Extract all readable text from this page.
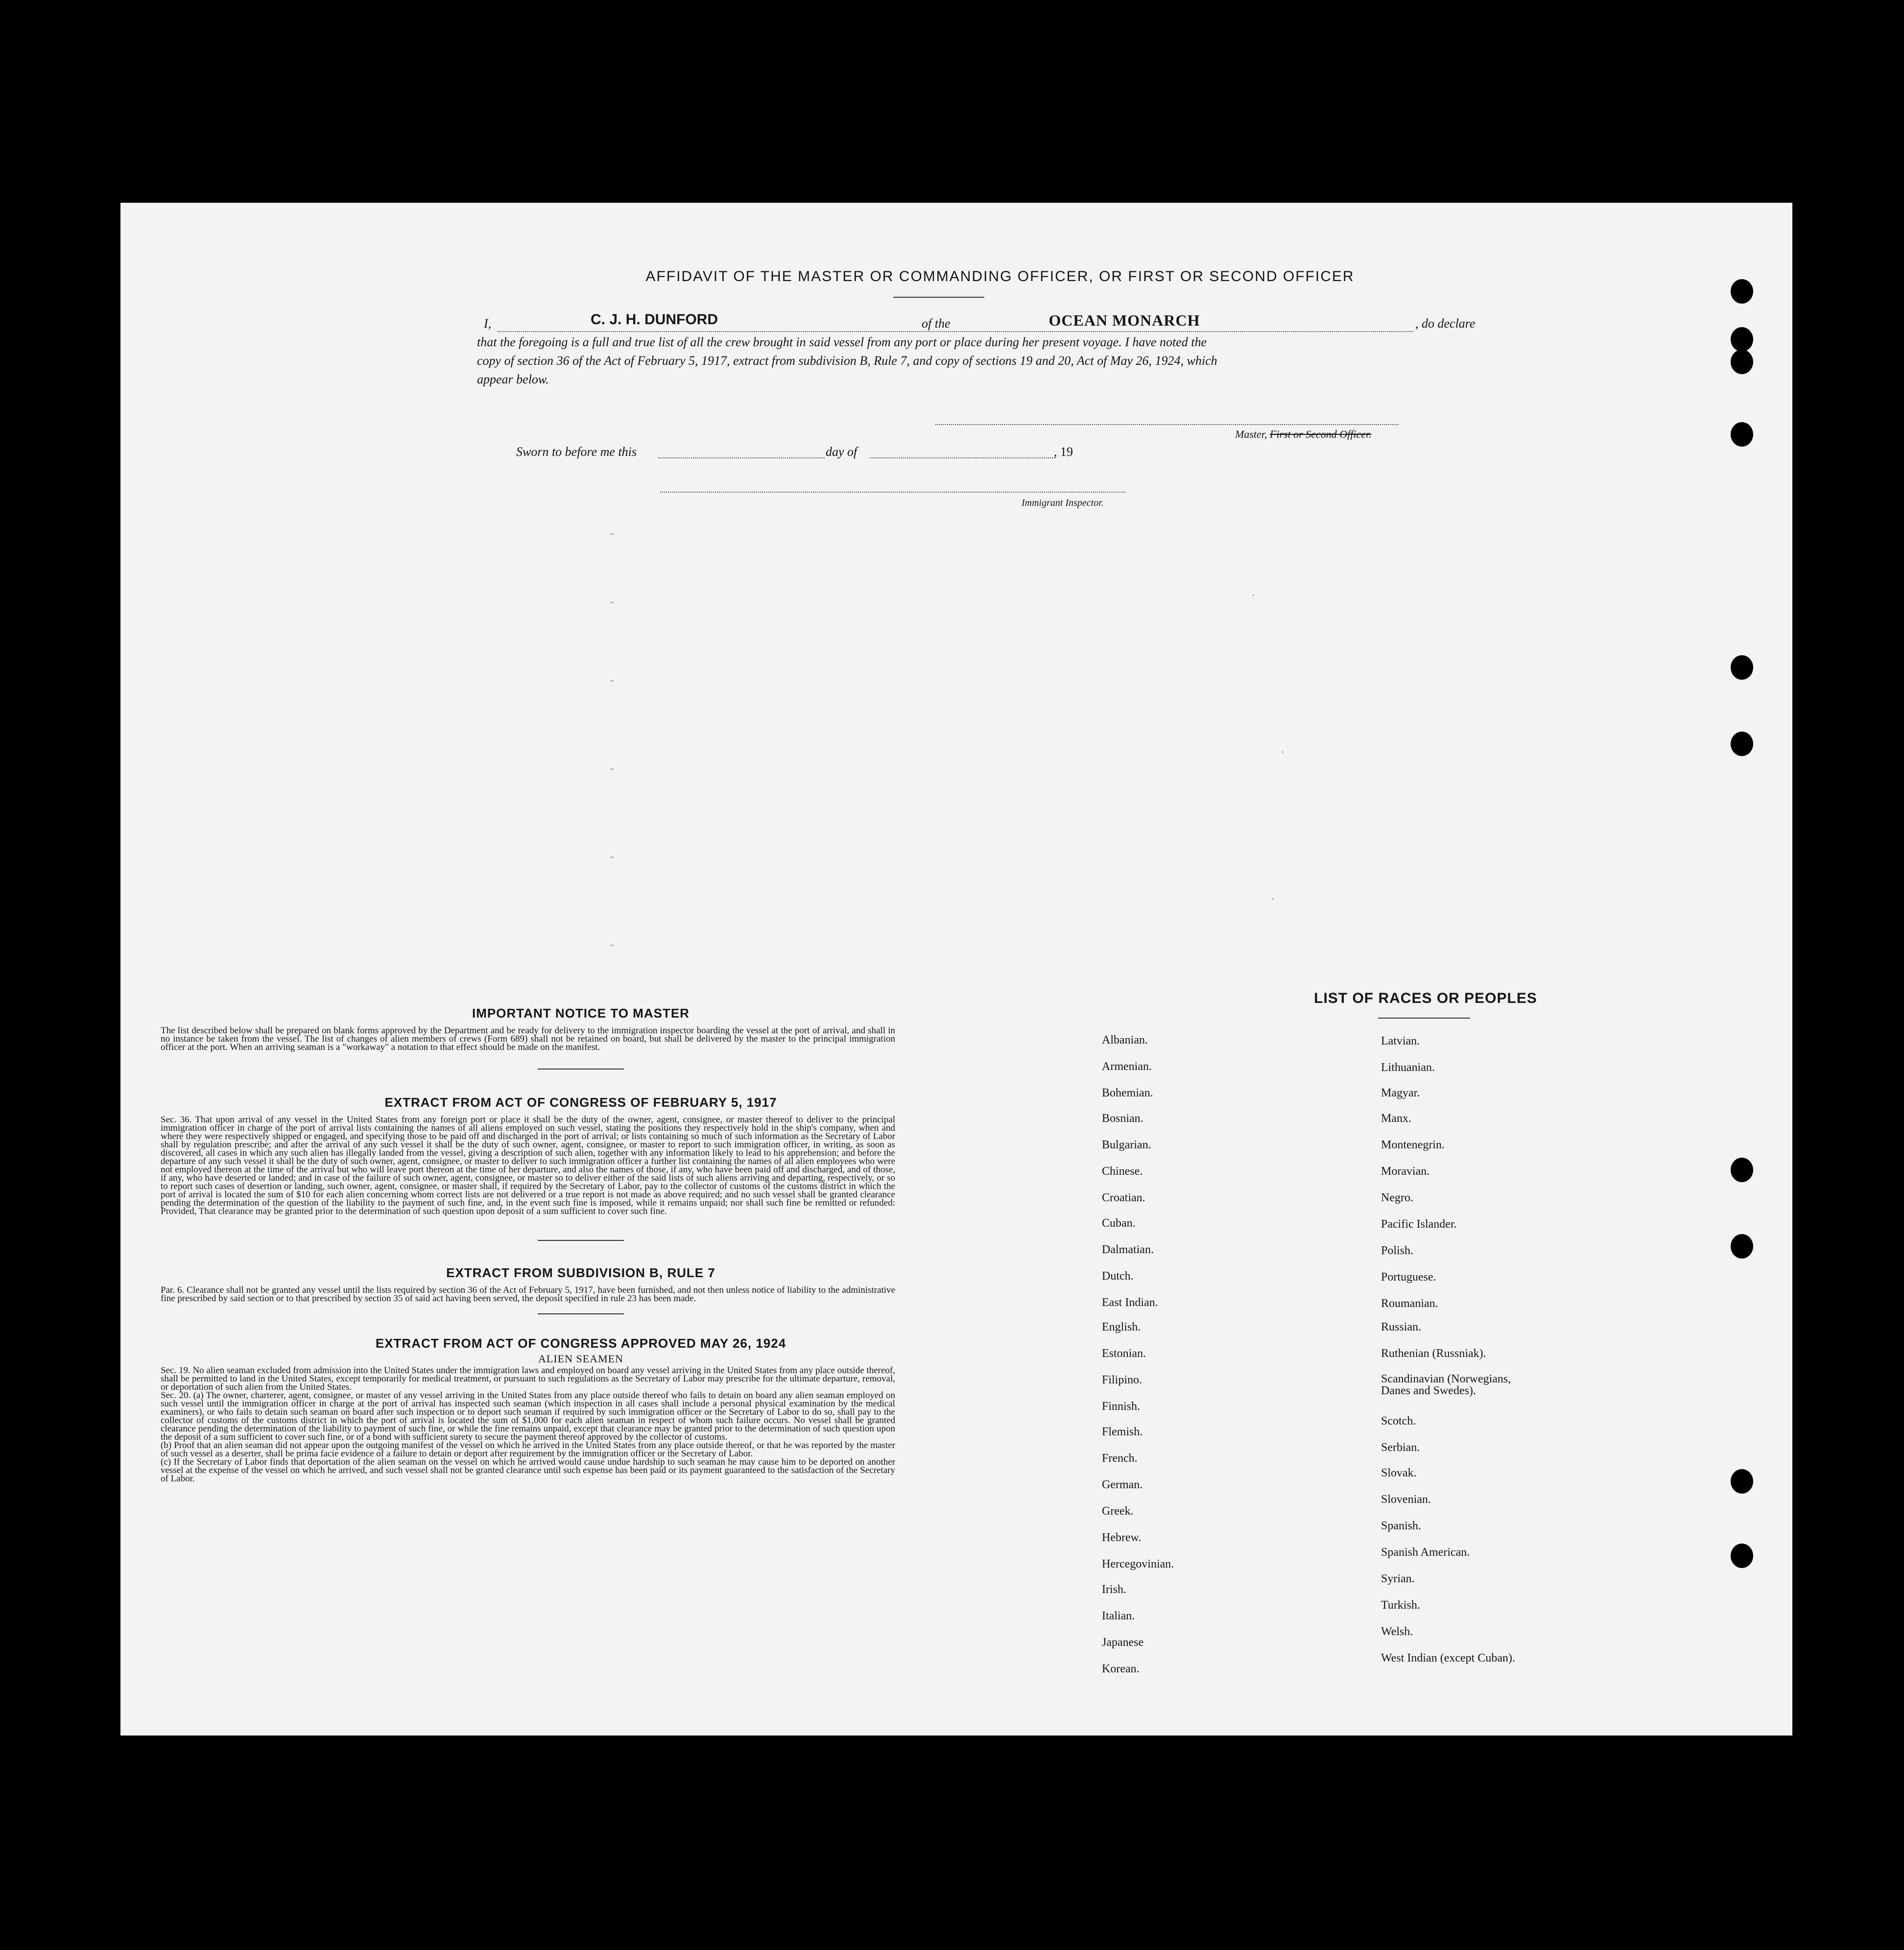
AFFIDAVIT OF THE MASTER OR COMMANDING OFFICER, OR FIRST OR SECOND OFFICER
I,	C. J. H. DUNFORD	of the	OCEAN MONARCH	, do declare
that the foregoing is a full and true list of all the crew brought in said vessel from any port or place during her present voyage. I have noted the
copy of section 36 of the Act of February 5, 1917, extract from subdivision B, Rule 7, and copy of sections 19 and 20, Act of May 26, 1924, which
appear below.
Master, First or Second Officer.
Sworn to before me this	day of	, 19
Immigrant Inspector.
-
-
-
-
-
-
.
.
.
IMPORTANT NOTICE TO MASTER
The list described below shall be prepared on blank forms approved by the Department and be ready for delivery to the immigration inspector boarding the vessel at the port of arrival, and shall in no instance be taken from the vessel. The list of changes of alien members of crews (Form 689) shall not be retained on board, but shall be delivered by the master to the principal immigration officer at the port. When an arriving seaman is a "workaway" a notation to that effect should be made on the manifest.
EXTRACT FROM ACT OF CONGRESS OF FEBRUARY 5, 1917
Sec. 36. That upon arrival of any vessel in the United States from any foreign port or place it shall be the duty of the owner, agent, consignee, or master thereof to deliver to the principal immigration officer in charge of the port of arrival lists containing the names of all aliens employed on such vessel, stating the positions they respectively hold in the ship's company, when and where they were respectively shipped or engaged, and specifying those to be paid off and discharged in the port of arrival; or lists containing so much of such information as the Secretary of Labor shall by regulation prescribe; and after the arrival of any such vessel it shall be the duty of such owner, agent, consignee, or master to report to such immigration officer, in writing, as soon as discovered, all cases in which any such alien has illegally landed from the vessel, giving a description of such alien, together with any information likely to lead to his apprehension; and before the departure of any such vessel it shall be the duty of such owner, agent, consignee, or master to deliver to such immigration officer a further list containing the names of all alien employees who were not employed thereon at the time of the arrival but who will leave port thereon at the time of her departure, and also the names of those, if any, who have been paid off and discharged, and of those, if any, who have deserted or landed; and in case of the failure of such owner, agent, consignee, or master so to deliver either of the said lists of such aliens arriving and departing, respectively, or so to report such cases of desertion or landing, such owner, agent, consignee, or master shall, if required by the Secretary of Labor, pay to the collector of customs of the customs district in which the port of arrival is located the sum of $10 for each alien concerning whom correct lists are not delivered or a true report is not made as above required; and no such vessel shall be granted clearance pending the determination of the question of the liability to the payment of such fine, and, in the event such fine is imposed, while it remains unpaid; nor shall such fine be remitted or refunded: Provided, That clearance may be granted prior to the determination of such question upon deposit of a sum sufficient to cover such fine.
EXTRACT FROM SUBDIVISION B, RULE 7
Par. 6. Clearance shall not be granted any vessel until the lists required by section 36 of the Act of February 5, 1917, have been furnished, and not then unless notice of liability to the administrative fine prescribed by said section or to that prescribed by section 35 of said act having been served, the deposit specified in rule 23 has been made.
EXTRACT FROM ACT OF CONGRESS APPROVED MAY 26, 1924
ALIEN SEAMEN
Sec. 19. No alien seaman excluded from admission into the United States under the immigration laws and employed on board any vessel arriving in the United States from any place outside thereof, shall be permitted to land in the United States, except temporarily for medical treatment, or pursuant to such regulations as the Secretary of Labor may prescribe for the ultimate departure, removal, or deportation of such alien from the United States.
Sec. 20. (a) The owner, charterer, agent, consignee, or master of any vessel arriving in the United States from any place outside thereof who fails to detain on board any alien seaman employed on such vessel until the immigration officer in charge at the port of arrival has inspected such seaman (which inspection in all cases shall include a personal physical examination by the medical examiners), or who fails to detain such seaman on board after such inspection or to deport such seaman if required by such immigration officer or the Secretary of Labor to do so, shall pay to the collector of customs of the customs district in which the port of arrival is located the sum of $1,000 for each alien seaman in respect of whom such failure occurs. No vessel shall be granted clearance pending the determination of the liability to payment of such fine, or while the fine remains unpaid, except that clearance may be granted prior to the determination of such question upon the deposit of a sum sufficient to cover such fine, or of a bond with sufficient surety to secure the payment thereof approved by the collector of customs.
(b) Proof that an alien seaman did not appear upon the outgoing manifest of the vessel on which he arrived in the United States from any place outside thereof, or that he was reported by the master of such vessel as a deserter, shall be prima facie evidence of a failure to detain or deport after requirement by the immigration officer or the Secretary of Labor.
(c) If the Secretary of Labor finds that deportation of the alien seaman on the vessel on which he arrived would cause undue hardship to such seaman he may cause him to be deported on another vessel at the expense of the vessel on which he arrived, and such vessel shall not be granted clearance until such expense has been paid or its payment guaranteed to the satisfaction of the Secretary of Labor.
LIST OF RACES OR PEOPLES
Albanian.
Armenian.
Bohemian.
Bosnian.
Bulgarian.
Chinese.
Croatian.
Cuban.
Dalmatian.
Dutch.
East Indian.
English.
Estonian.
Filipino.
Finnish.
Flemish.
French.
German.
Greek.
Hebrew.
Hercegovinian.
Irish.
Italian.
Japanese
Korean.
Latvian.
Lithuanian.
Magyar.
Manx.
Montenegrin.
Moravian.
Negro.
Pacific Islander.
Polish.
Portuguese.
Roumanian.
Russian.
Ruthenian (Russniak).
Scandinavian (Norwegians,
Danes and Swedes).
Scotch.
Serbian.
Slovak.
Slovenian.
Spanish.
Spanish American.
Syrian.
Turkish.
Welsh.
West Indian (except Cuban).
